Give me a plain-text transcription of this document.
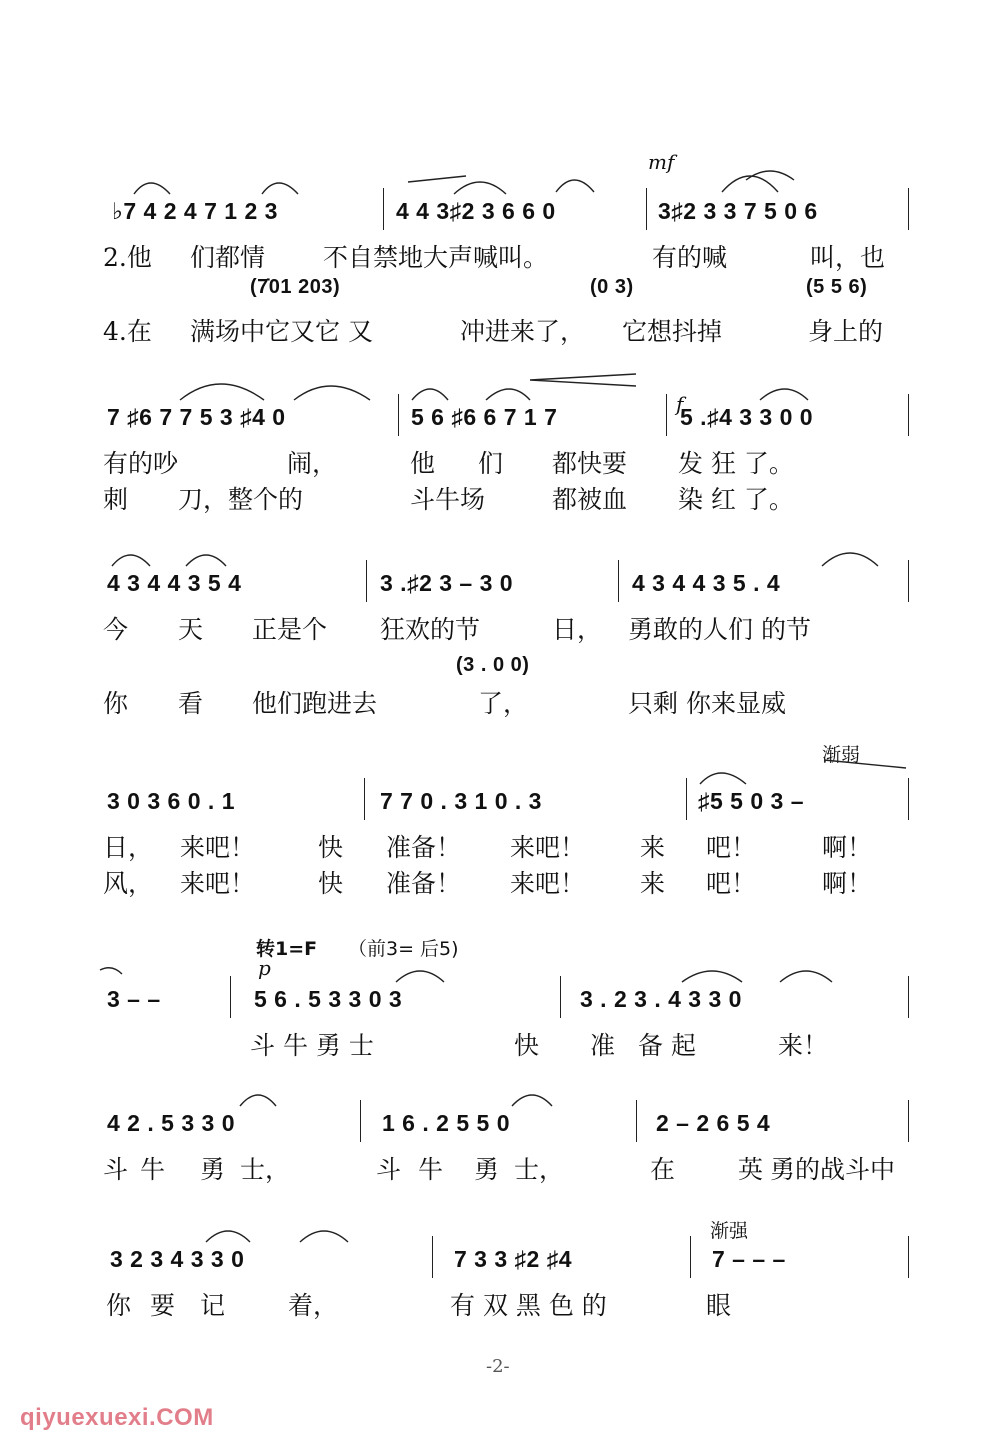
mf
♭7 4 2 4 7 1 2 3	4 4 3♯2 3 6 6 0	3♯2 3 3 7 5 0 6
2.他 们都情 不自禁地大声喊叫。	有的喊	叫，也
(7̇01 203)	(0 3)	(5 5 6)
4.在 满场中它又它 又	冲进来了， 它想抖掉	身上的
f
7 ♯6 7 7 5 3 ♯4 0	5 6 ♯6 6 7 1 7	5 .♯4 3 3 0 0
有的吵	闹，	他 们 都快要 发 狂 了。
刺 刀，整个的	斗牛场	都被血 染 红 了。
4 3 4 4 3 5 4	3 .♯2 3 – 3 0	4 3 4 4 3 5 . 4
今 天 正是个 狂欢的节	日， 勇敢的人们 的节
(3 . 0 0)
你 看 他们跑进去	了，	只剩 你来显威
渐弱
3 0 3 6 0 . 1	7 7 0 . 3 1 0 . 3	♯5 5 0 3 –
日， 来吧！	快 准备！ 来吧！ 来 吧！	啊！
风， 来吧！	快 准备！ 来吧！ 来 吧！	啊！
转1=F （前3= 后5)
p
3 – –	5 6 . 5 3 3 0 3	3 . 2 3 . 4 3 3 0
斗 牛 勇 士	快 准 备 起	来！
4 2 . 5 3 3 0	1 6 . 2 5 5 0	2 – 2 6 5 4
斗 牛 勇 士，	斗 牛 勇 士，	在	英 勇的战斗中
渐强
3 2 3 4 3 3 0	7 3 3 ♯2 ♯4	7 – – –
你 要 记	着，	有 双 黑 色 的	眼
-2-
qiyuexuexi.COM
